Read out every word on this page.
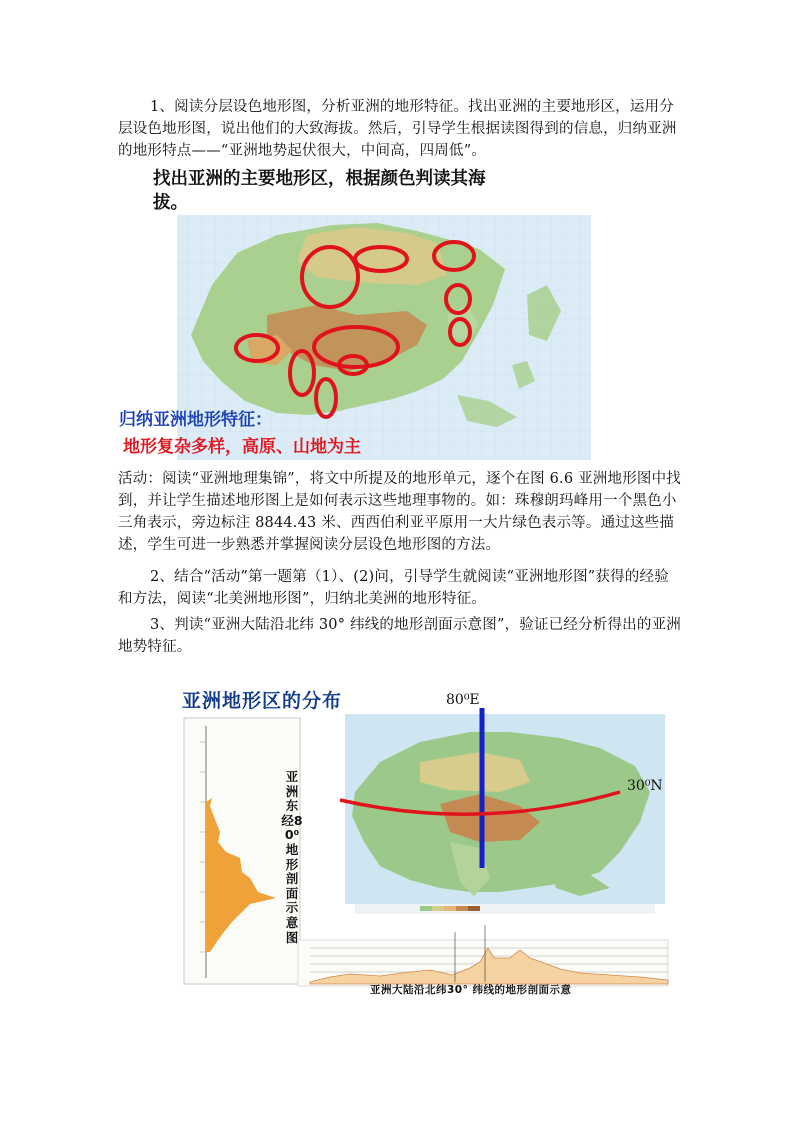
1、阅读分层设色地形图，分析亚洲的地形特征。找出亚洲的主要地形区，运用分层设色地形图，说出他们的大致海拔。然后，引导学生根据读图得到的信息，归纳亚洲的地形特点——“亚洲地势起伏很大，中间高，四周低”。
找出亚洲的主要地形区，根据颜色判读其海拔。
归纳亚洲地形特征：
地形复杂多样，高原、山地为主
活动：阅读“亚洲地理集锦”，将文中所提及的地形单元，逐个在图 6.6 亚洲地形图中找到，并让学生描述地形图上是如何表示这些地理事物的。如：珠穆朗玛峰用一个黑色小三角表示，旁边标注 8844.43 米、西西伯利亚平原用一大片绿色表示等。通过这些描述，学生可进一步熟悉并掌握阅读分层设色地形图的方法。
2、结合“活动”第一题第（1）、(2)问，引导学生就阅读“亚洲地形图”获得的经验和方法，阅读“北美洲地形图”，归纳北美洲的地形特征。
3、判读“亚洲大陆沿北纬 30° 纬线的地形剖面示意图”，验证已经分析得出的亚洲地势特征。
亚洲地形区的分布	80⁰E
30⁰N
亚洲东经80⁰地形剖面示意图
亚洲大陆沿北纬30° 纬线的地形剖面示意
